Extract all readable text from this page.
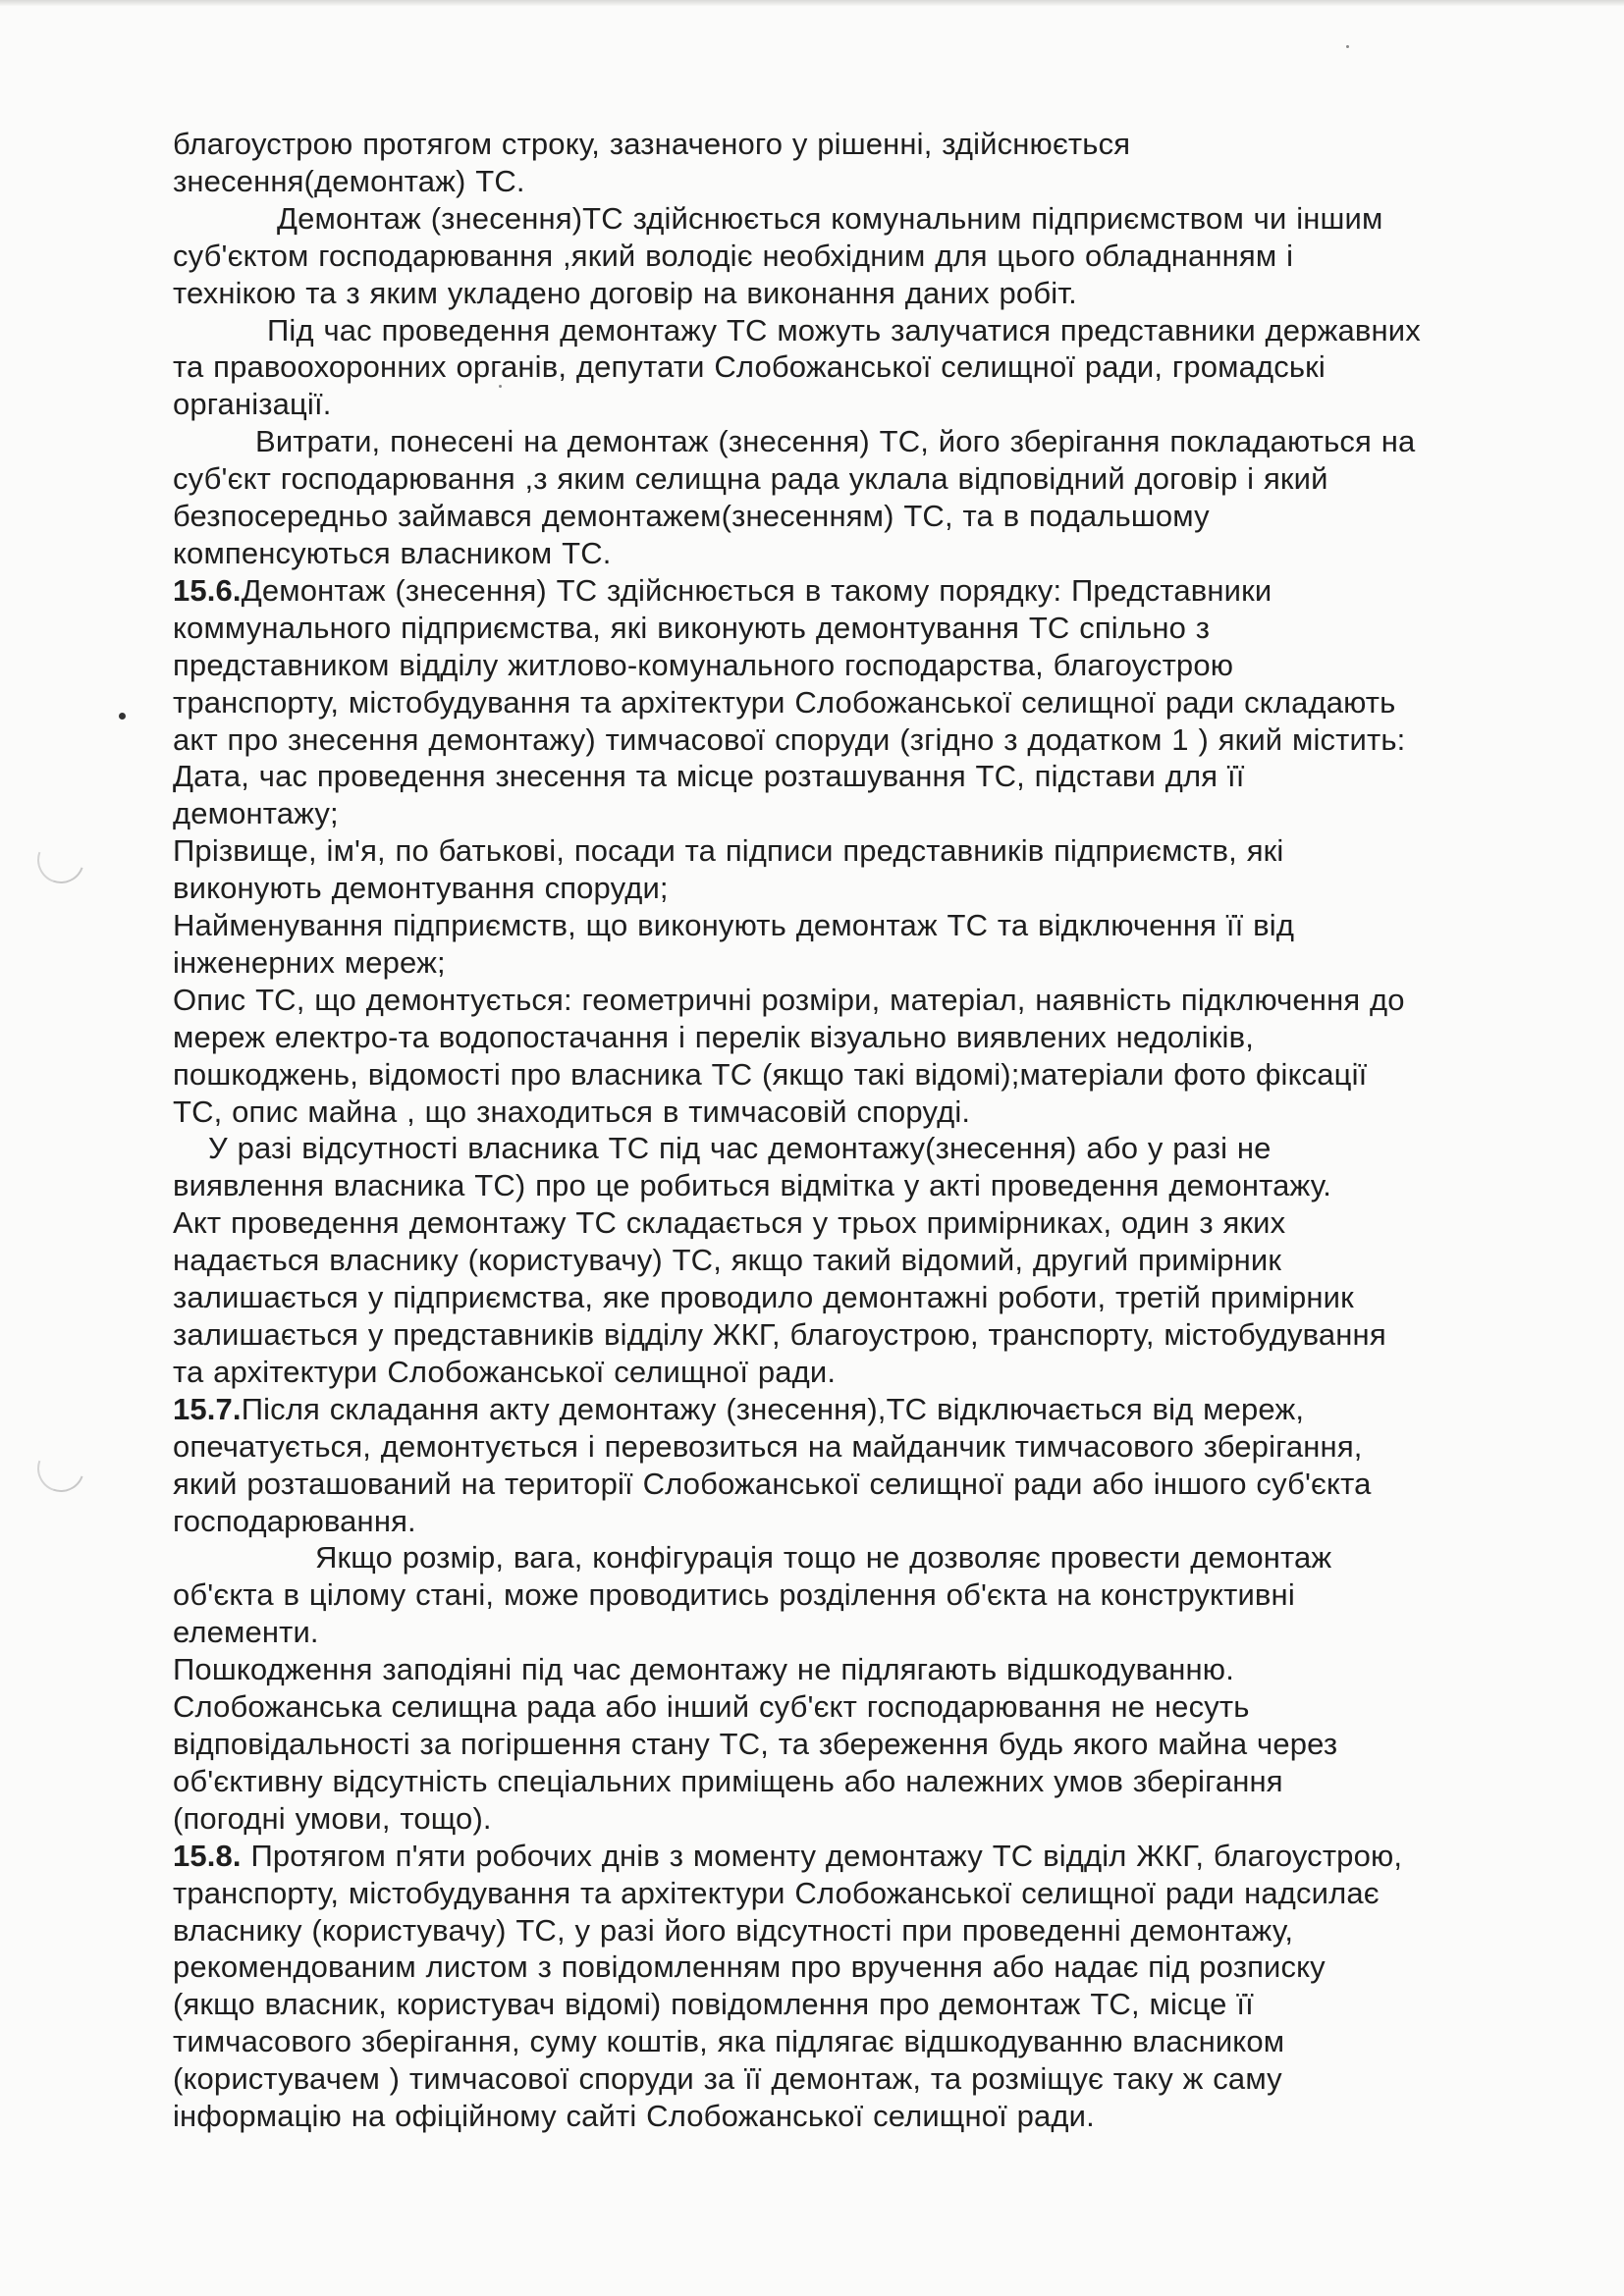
благоустрою протягом строку, зазначеного у рішенні, здійснюється

знесення(демонтаж) ТС.

Демонтаж (знесення)ТС здійснюється комунальним підприємством чи іншим

суб'єктом господарювання ,який володіє необхідним для цього обладнанням і

технікою та з яким укладено договір на виконання даних робіт.

Під час проведення демонтажу ТС можуть залучатися представники державних

та правоохоронних органів, депутати Слобожанської селищної ради, громадські

організації.

Витрати, понесені на демонтаж (знесення) ТС, його зберігання покладаються на

суб'єкт господарювання ,з яким селищна рада уклала відповідний договір і який

безпосередньо займався демонтажем(знесенням) ТС, та в подальшому

компенсуються власником ТС.

15.6.Демонтаж (знесення) ТС здійснюється в такому порядку: Представники

коммунального підприємства, які виконують демонтування ТС спільно з

представником відділу житлово-комунального господарства, благоустрою

транспорту, містобудування та архітектури Слобожанської селищної ради складають

акт про знесення демонтажу) тимчасової споруди (згідно з додатком 1 ) який містить:

Дата, час проведення знесення та місце розташування ТС, підстави для її

демонтажу;

Прізвище, ім'я, по батькові, посади та підписи представників підприємств, які

виконують демонтування споруди;

Найменування підприємств, що виконують демонтаж ТС та відключення її від

інженерних мереж;

Опис ТС, що демонтується: геометричні розміри, матеріал, наявність підключення до

мереж електро-та водопостачання і перелік візуально виявлених недоліків,

пошкоджень, відомості про власника ТС (якщо такі відомі);матеріали фото фіксації

ТС, опис майна , що знаходиться в тимчасовій споруді.

У разі відсутності власника ТС під час демонтажу(знесення) або у разі не

виявлення власника ТС) про це робиться відмітка у акті проведення демонтажу.

Акт проведення демонтажу ТС складається у трьох примірниках, один з яких

надається власнику (користувачу) ТС, якщо такий відомий, другий примірник

залишається у підприємства, яке проводило демонтажні роботи, третій примірник

залишається у представників відділу ЖКГ, благоустрою, транспорту, містобудування

та архітектури Слобожанської селищної ради.

15.7.Після складання акту демонтажу (знесення),ТС відключається від мереж,

опечатується, демонтується і перевозиться на майданчик тимчасового зберігання,

який розташований на території Слобожанської селищної ради або іншого суб'єкта

господарювання.

Якщо розмір, вага, конфігурація тощо не дозволяє провести демонтаж

об'єкта в цілому стані, може проводитись розділення об'єкта на конструктивні

елементи.

Пошкодження заподіяні під час демонтажу не підлягають відшкодуванню.

Слобожанська селищна рада або інший суб'єкт господарювання не несуть

відповідальності за погіршення стану ТС, та збереження будь якого майна через

об'єктивну відсутність спеціальних приміщень або належних умов зберігання

(погодні умови, тощо).

15.8. Протягом п'яти робочих днів з моменту демонтажу ТС відділ ЖКГ, благоустрою,

транспорту, містобудування та архітектури Слобожанської селищної ради надсилає

власнику (користувачу) ТС, у разі його відсутності при проведенні демонтажу,

рекомендованим листом з повідомленням про вручення або надає під розписку

(якщо власник, користувач відомі) повідомлення про демонтаж ТС, місце її

тимчасового зберігання, суму коштів, яка підлягає відшкодуванню власником

(користувачем ) тимчасової споруди за її демонтаж, та розміщує таку ж саму

інформацію на офіційному сайті Слобожанської селищної ради.
